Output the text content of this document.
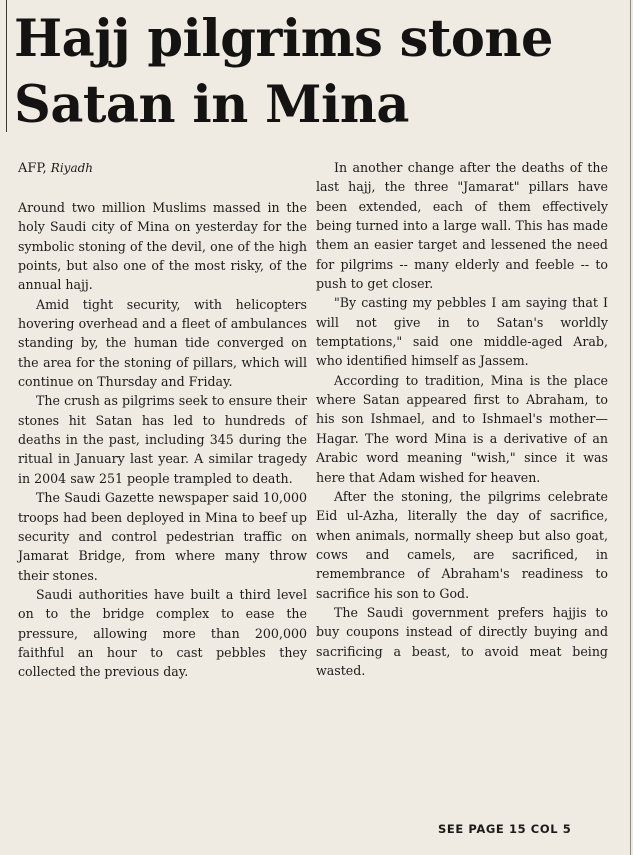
Hajj pilgrims stone
Satan in Mina
AFP, Riyadh

Around two million Muslims massed in the holy Saudi city of Mina on yesterday for the symbolic stoning of the devil, one of the high points, but also one of the most risky, of the annual hajj.

Amid tight security, with helicopters hovering overhead and a fleet of ambulances standing by, the human tide converged on the area for the stoning of pillars, which will continue on Thursday and Friday.

The crush as pilgrims seek to ensure their stones hit Satan has led to hundreds of deaths in the past, including 345 during the ritual in January last year. A similar tragedy in 2004 saw 251 people trampled to death.

The Saudi Gazette newspaper said 10,000 troops had been deployed in Mina to beef up security and control pedestrian traffic on Jamarat Bridge, from where many throw their stones.

Saudi authorities have built a third level on to the bridge complex to ease the pressure, allowing more than 200,000 faithful an hour to cast pebbles they collected the previous day.

In another change after the deaths of the last hajj, the three "Jamarat" pillars have been extended, each of them effectively being turned into a large wall. This has made them an easier target and lessened the need for pilgrims -- many elderly and feeble -- to push to get closer.

"By casting my pebbles I am saying that I will not give in to Satan's worldly temptations," said one middle-aged Arab, who identified himself as Jassem.

According to tradition, Mina is the place where Satan appeared first to Abraham, to his son Ishmael, and to Ishmael's mother—Hagar. The word Mina is a derivative of an Arabic word meaning "wish," since it was here that Adam wished for heaven.

After the stoning, the pilgrims celebrate Eid ul-Azha, literally the day of sacrifice, when animals, normally sheep but also goat, cows and camels, are sacrificed, in remembrance of Abraham's readiness to sacrifice his son to God.

The Saudi government prefers hajjis to buy coupons instead of directly buying and sacrificing a beast, to avoid meat being wasted.

SEE PAGE 15 COL 5
